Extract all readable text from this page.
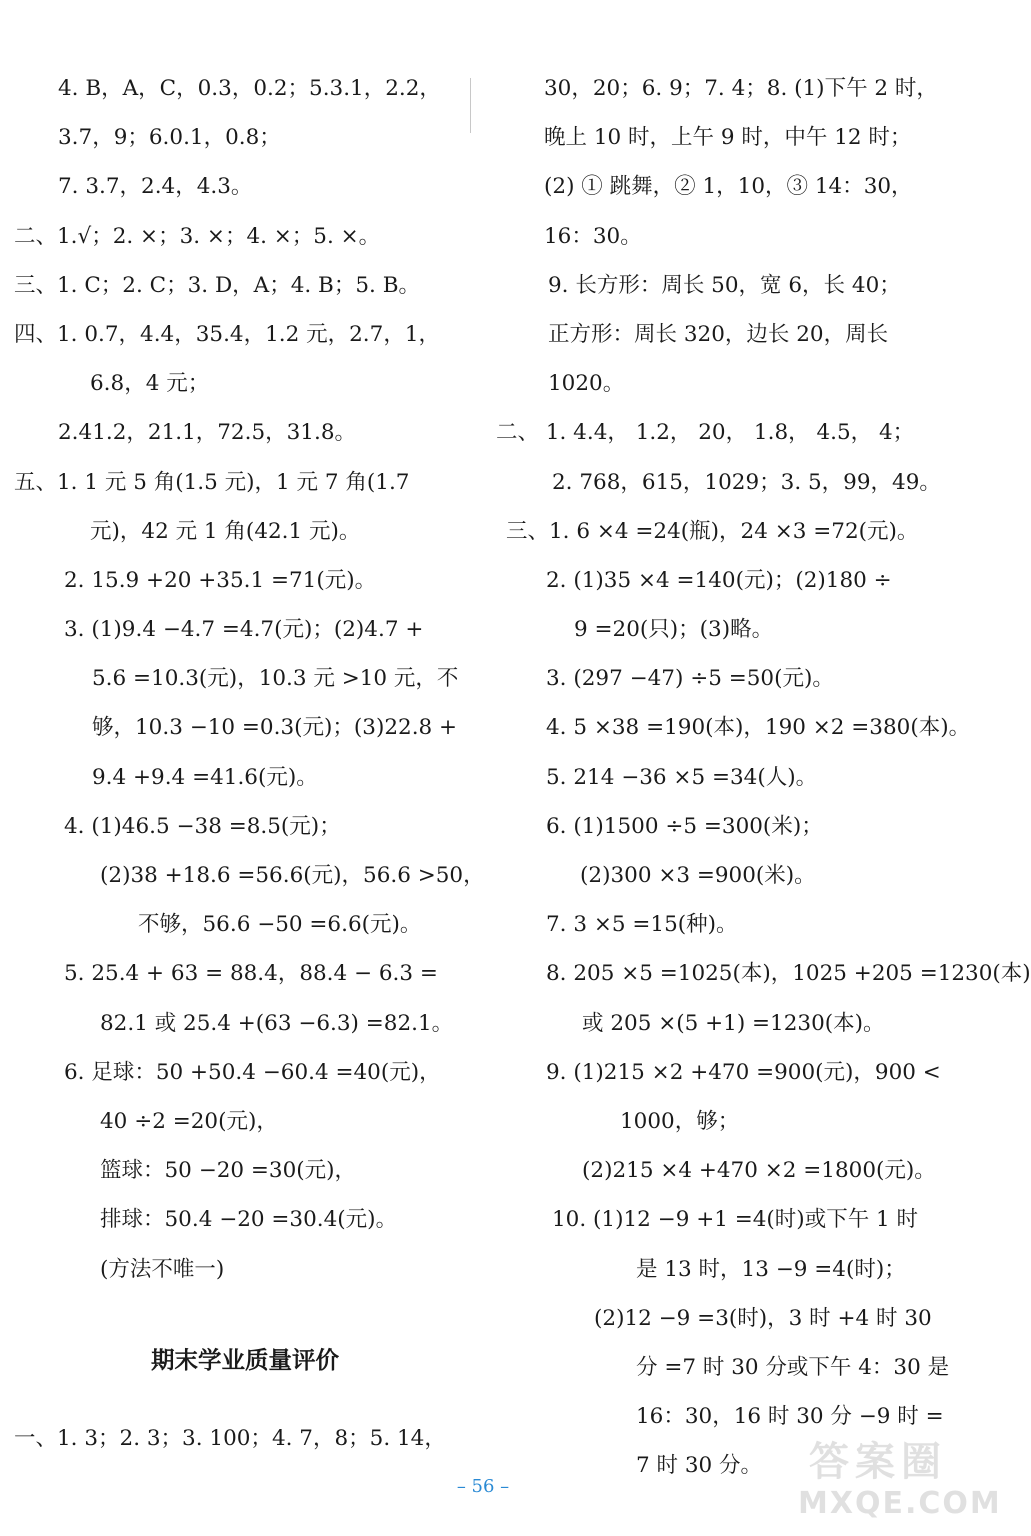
4. B，A，C，0.3，0.2；5.3.1，2.2，
3.7，9；6.0.1，0.8；
7. 3.7，2.4，4.3。
二、1.√；2. ×；3. ×；4. ×；5. ×。
三、1. C；2. C；3. D，A；4. B；5. B。
四、1. 0.7，4.4，35.4，1.2 元，2.7，1，
6.8，4 元；
2.41.2，21.1，72.5，31.8。
五、1. 1 元 5 角(1.5 元)，1 元 7 角(1.7
元)，42 元 1 角(42.1 元)。
2. 15.9 +20 +35.1 =71(元)。
3. (1)9.4 −4.7 =4.7(元)；(2)4.7 +
5.6 =10.3(元)，10.3 元 >10 元，不
够，10.3 −10 =0.3(元)；(3)22.8 +
9.4 +9.4 =41.6(元)。
4. (1)46.5 −38 =8.5(元)；
(2)38 +18.6 =56.6(元)，56.6 >50，
不够，56.6 −50 =6.6(元)。
5. 25.4 + 63 = 88.4，88.4 − 6.3 =
82.1 或 25.4 +(63 −6.3) =82.1。
6. 足球：50 +50.4 −60.4 =40(元)，
40 ÷2 =20(元)，
篮球：50 −20 =30(元)，
排球：50.4 −20 =30.4(元)。
(方法不唯一)
期末学业质量评价
一、1. 3；2. 3；3. 100；4. 7，8；5. 14，
30，20；6. 9；7. 4；8. (1)下午 2 时，
晚上 10 时，上午 9 时，中午 12 时；
(2) ① 跳舞，② 1，10，③ 14：30，
16：30。
9. 长方形：周长 50，宽 6，长 40；
正方形：周长 320，边长 20，周长
1020。
二、 1. 4.4， 1.2， 20， 1.8， 4.5， 4；
2. 768，615，1029；3. 5，99，49。
三、1. 6 ×4 =24(瓶)，24 ×3 =72(元)。
2. (1)35 ×4 =140(元)；(2)180 ÷
9 =20(只)；(3)略。
3. (297 −47) ÷5 =50(元)。
4. 5 ×38 =190(本)，190 ×2 =380(本)。
5. 214 −36 ×5 =34(人)。
6. (1)1500 ÷5 =300(米)；
(2)300 ×3 =900(米)。
7. 3 ×5 =15(种)。
8. 205 ×5 =1025(本)，1025 +205 =1230(本)
或 205 ×(5 +1) =1230(本)。
9. (1)215 ×2 +470 =900(元)，900 <
1000，够；
(2)215 ×4 +470 ×2 =1800(元)。
10. (1)12 −9 +1 =4(时)或下午 1 时
是 13 时，13 −9 =4(时)；
(2)12 −9 =3(时)，3 时 +4 时 30
分 =7 时 30 分或下午 4：30 是
16：30，16 时 30 分 −9 时 =
7 时 30 分。
– 56 –
答案圈
MXQE.COM
